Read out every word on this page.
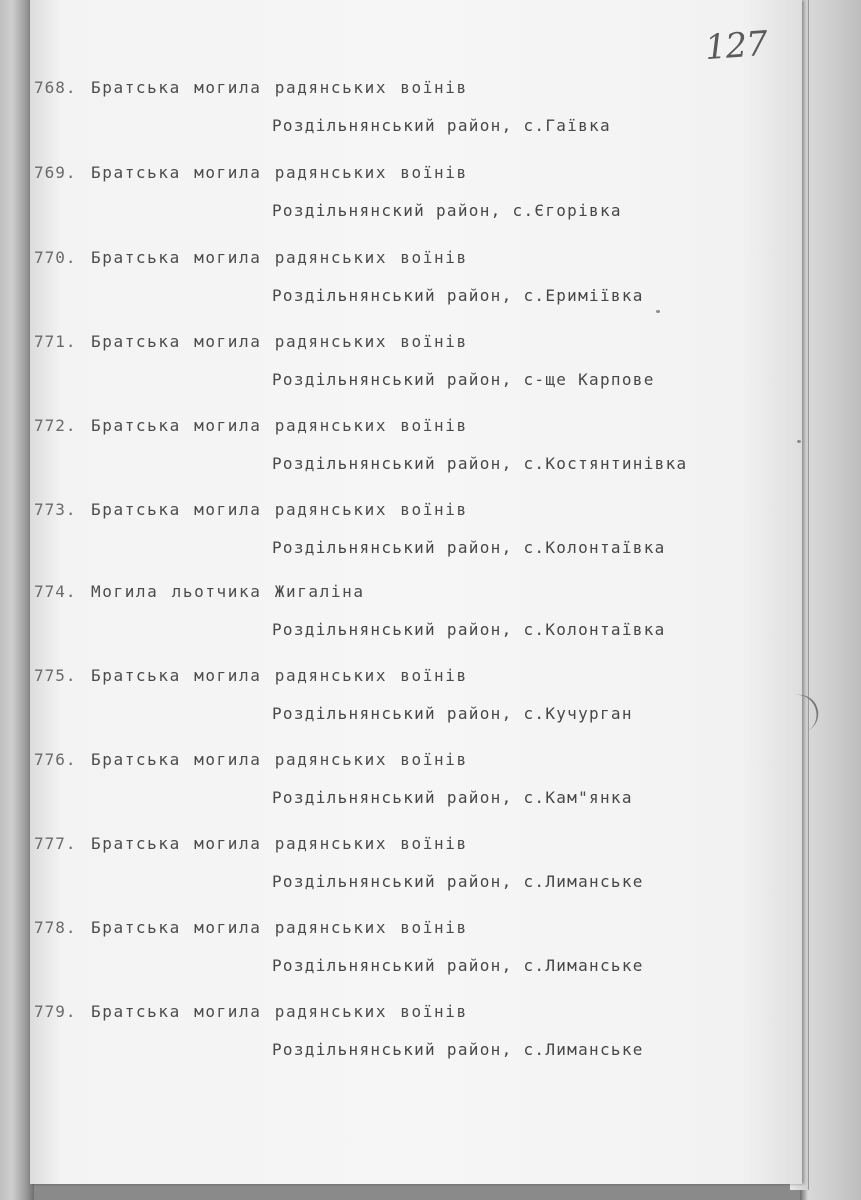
127
768. Братська могила радянських воїнів
Роздільнянський район, с.Гаївка
769. Братська могила радянських воїнів
Роздільнянский район, с.Єгорівка
770. Братська могила радянських воїнів
Роздільнянський район, с.Еримiївка
771. Братська могила радянських воїнів
Роздільнянський район, с-ще Карпове
772. Братська могила радянських воїнів
Роздільнянський район, с.Костянтинівка
773. Братська могила радянських воїнів
Роздільнянський район, с.Колонтаївка
774. Могила льотчика Жигаліна
Роздільнянський район, с.Колонтаївка
775. Братська могила радянських воїнів
Роздільнянський район, с.Кучурган
776. Братська могила радянських воїнів
Роздільнянський район, с.Кам"янка
777. Братська могила радянських воїнів
Роздільнянський район, с.Лиманське
778. Братська могила радянських воїнів
Роздільнянський район, с.Лиманське
779. Братська могила радянських воїнів
Роздільнянський район, с.Лиманське
